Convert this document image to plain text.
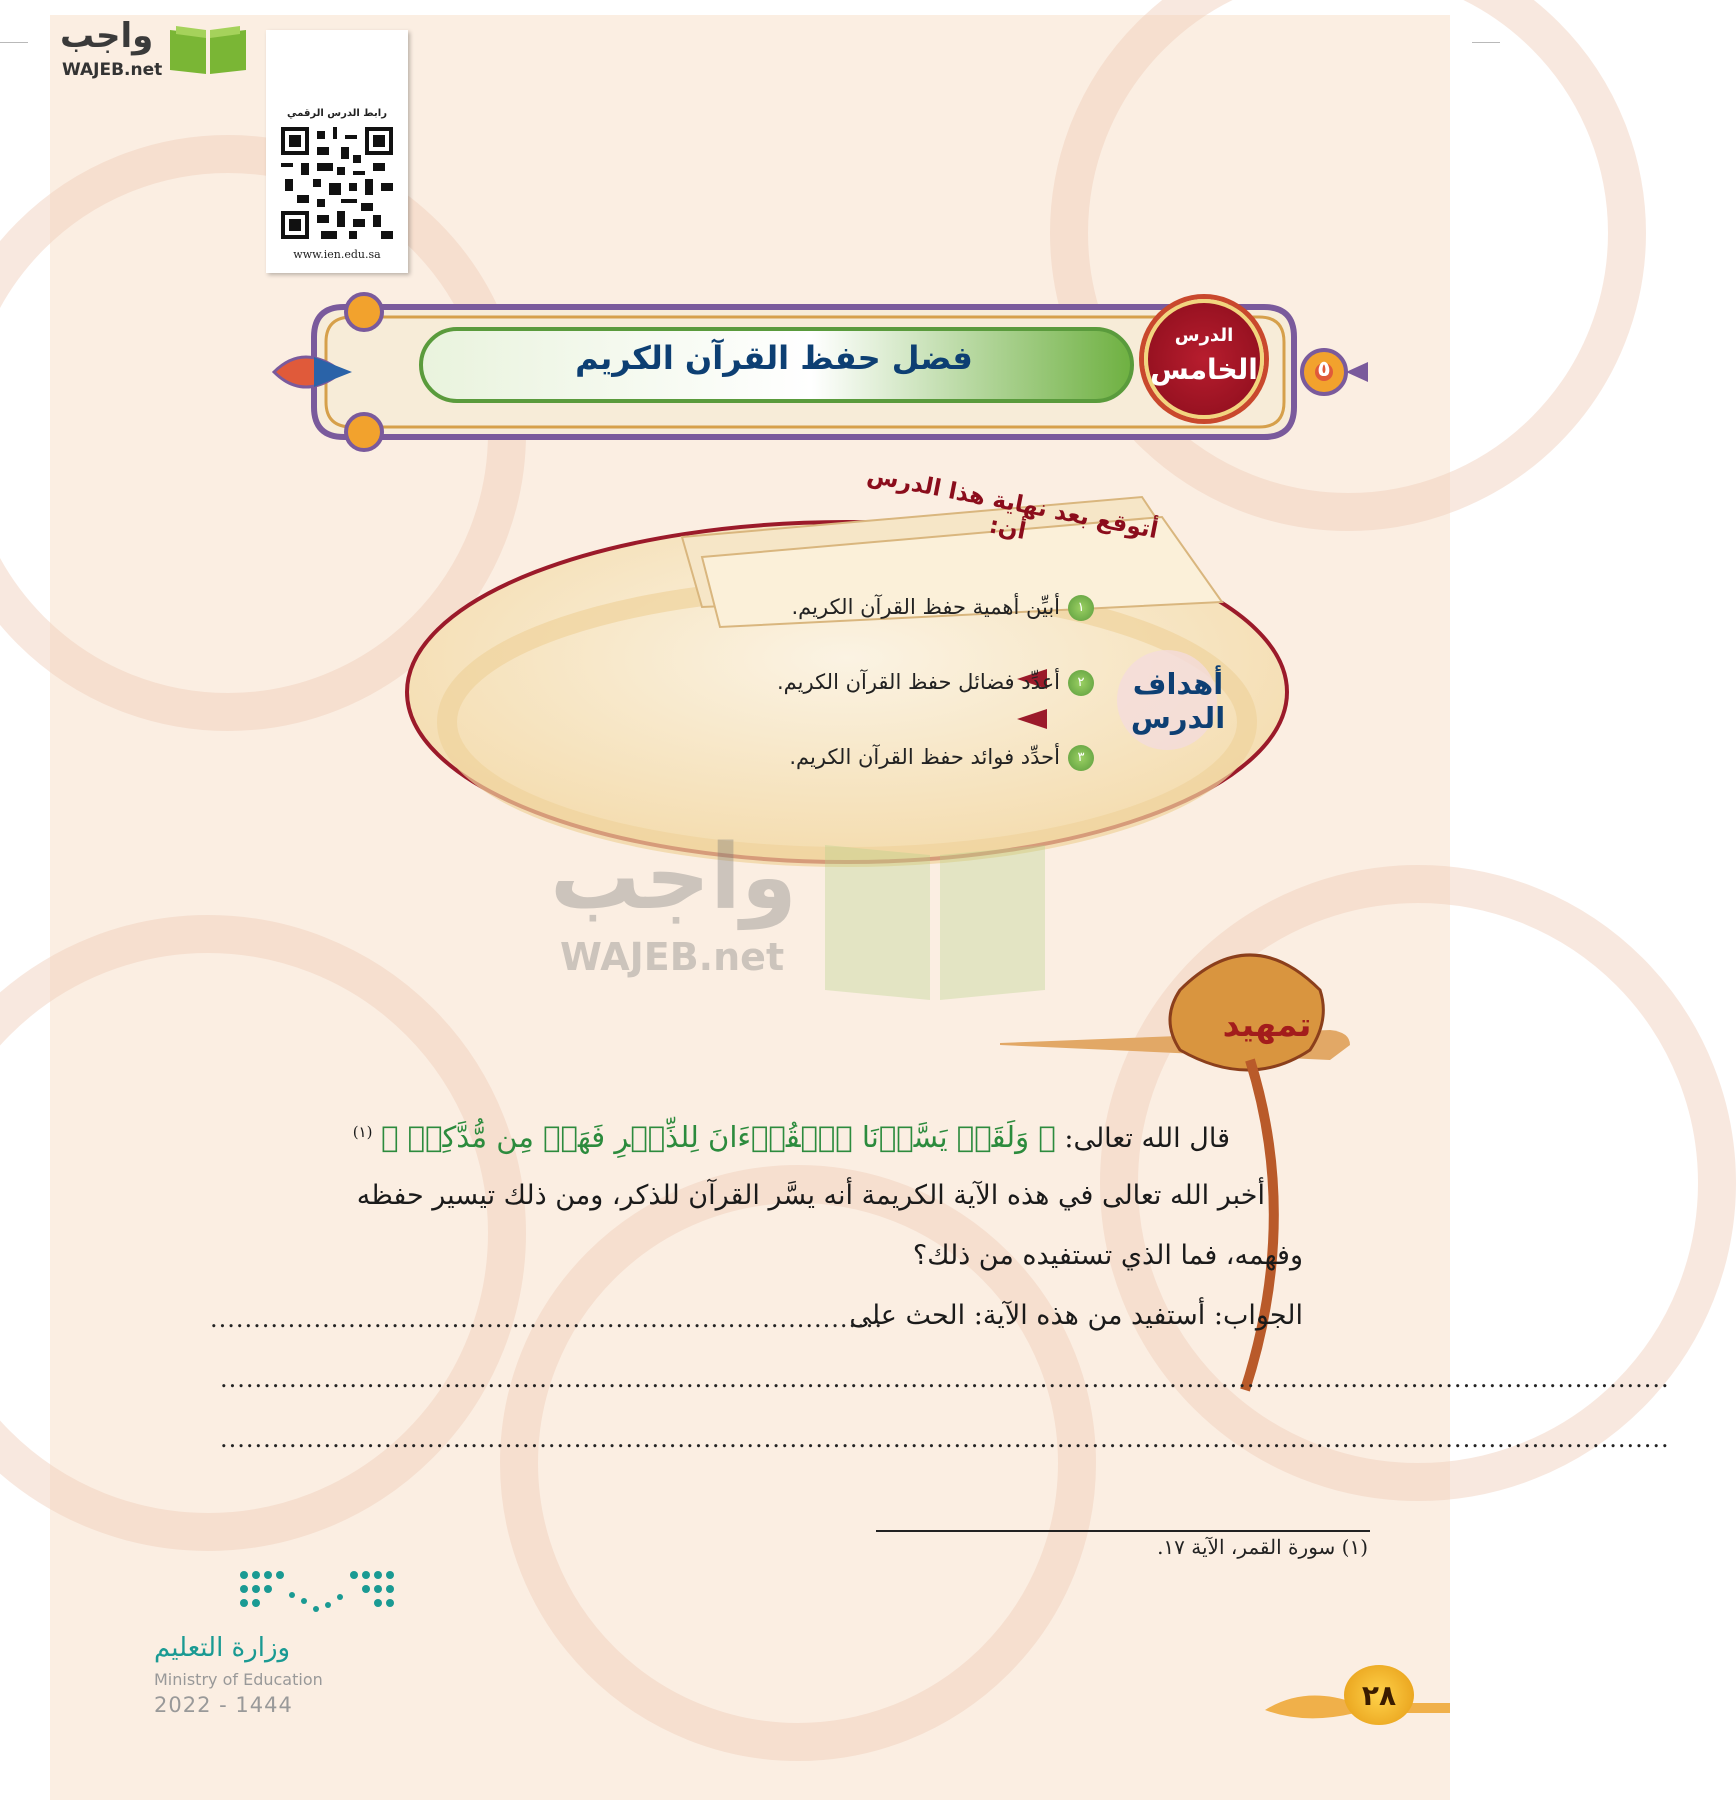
واجب
WAJEB.net
رابط الدرس الرقمي
www.ien.edu.sa
فضل حفظ القرآن الكريم
الدرس
الخامس	٥
أتوقع بعد نهاية هذا الدرس أن:
أهداف الدرس
١أبيِّن أهمية حفظ القرآن الكريم.
٢أعدِّد فضائل حفظ القرآن الكريم.
٣أحدِّد فوائد حفظ القرآن الكريم.
واجب
WAJEB.net
تمهيد
قال الله تعالى: ﴿ وَلَقَدۡ يَسَّرۡنَا ٱلۡقُرۡءَانَ لِلذِّكۡرِ فَهَلۡ مِن مُّدَّكِرٖ ﴾ $^{(١)}$
أخبر الله تعالى في هذه الآية الكريمة أنه يسَّر القرآن للذكر، ومن ذلك تيسير حفظه
وفهمه، فما الذي تستفيده من ذلك؟
الجواب: أستفيد من هذه الآية: الحث على
..............................................................................
........................................................................................................................................................................
........................................................................................................................................................................
(١) سورة القمر، الآية ١٧.
وزارة التعليم
Ministry of Education
2022 - 1444	٢٨
